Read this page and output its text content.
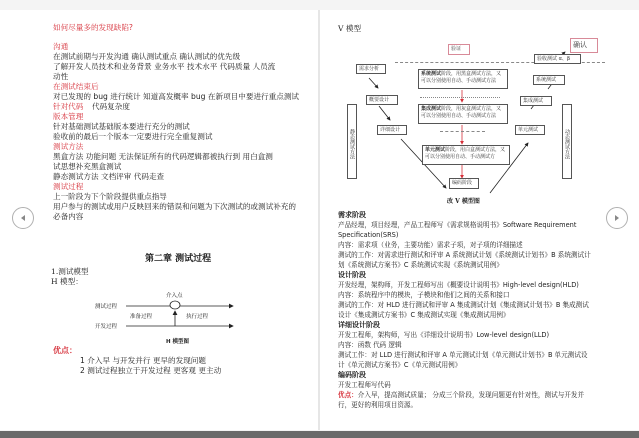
如何尽量多的发现缺陷?
沟通
在测试前期与开发沟通 确认测试重点 确认测试的优先级
了解开发人员技术和业务背景 业务水平 技术水平 代码质量 人员流
动性
在测试结束后
对已发现的 bug 进行统计 知道高发概率 bug 在新项目中要进行重点测试
针对代码 代码复杂度
版本管理
针对基础测试基础版本要进行充分的测试
验收前的最后一个版本一定要进行完全重复测试
测试方法
黑盒方法 功能问题 无法保证所有的代码逻辑都被执行到 用白盒测
试思想补充黑盒测试
静态测试方法 文档评审 代码走查
测试过程
上一阶段为下个阶段提供重点指导
用户参与的测试或用户反映回来的错误和问题为下次测试的或测试补充的
必备内容
第二章 测试过程
1.测试模型
H 模型：
介入点
测试过程
准备过程	执行过程
开发过程
H 模型图
优点：
1 介入早 与开发并行 更早的发现问题
2 测试过程独立于开发过程 更客观 更主动
V 模型
验证	确认
验收测试 α、β
需求分析
系统测试
概要设计	集成测试
详细设计	单元测试
编码阶段
系统测试阶段，用黑盒测试方法，又可以分别使用自动、手动测试方法
集成测试阶段，用灰盒测试方法，又可以分别使用自动、手动测试方法
单元测试阶段，用白盒测试方法，又可以分别使用自动、手动测试方
静态测试方法	动态测试方法
改 V 模型图
需求阶段
产品经理，项目经理，产品工程师写《需求规格说明书》Software Requirement
Specification(SRS)
内容：需求项（业务，主要功能）需求子项，对子项的详细描述
测试的工作：对需求进行测试和评审 A 系统测试计划《系统测试计划书》B 系统测试计
划《系统测试方案书》C 系统测试实现《系统测试用例》
设计阶段
开发经理，架构师，开发工程师写出《概要设计说明书》High-level design(HLD)
内容：系统程序中的模块，子模块和他们之间的关系和接口
测试的工作：对 HLD 进行测试和评审 A 集成测试计划《集成测试计划书》B 集成测试
设计《集成测试方案书》C 集成测试实现《集成测试用例》
详细设计阶段
开发工程师，架构师，写出《详细设计说明书》Low-level design(LLD)
内容：函数 代码 逻辑
测试工作：对 LLD 进行测试和评审 A 单元测试计划《单元测试计划书》B 单元测试设
计《单元测试方案书》C《单元测试用例》
编码阶段
开发工程师写代码
优点：介入早，提高测试质量； 分成三个阶段，发现问题更有针对性，测试与开发并
行，更好的利用项目资源。
